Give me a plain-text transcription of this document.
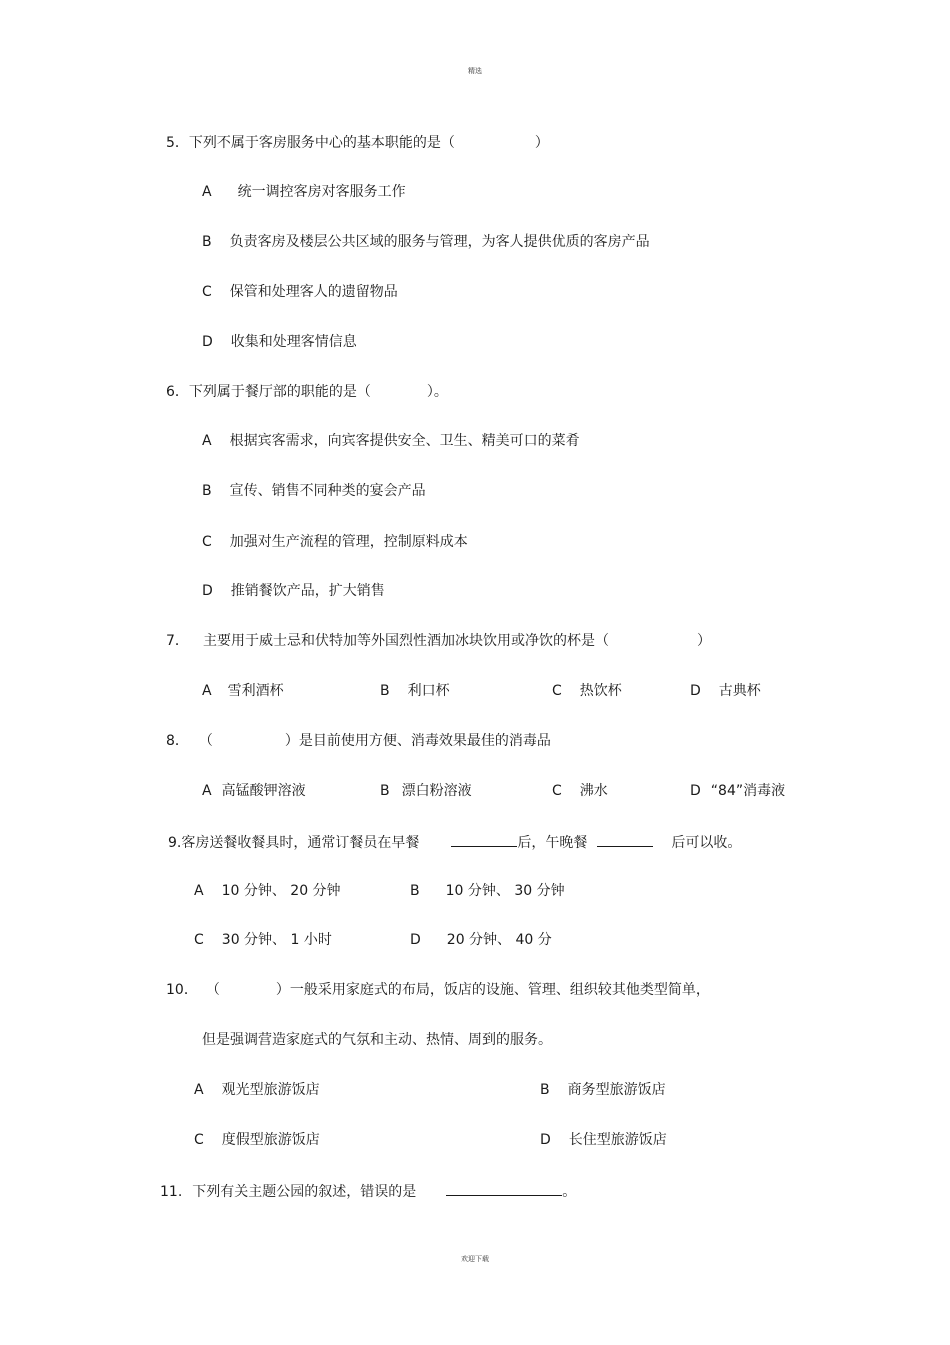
精选
5．下列不属于客房服务中心的基本职能的是（	）
A 统一调控客房对客服务工作
B 负责客房及楼层公共区域的服务与管理，为客人提供优质的客房产品
C 保管和处理客人的遗留物品
D 收集和处理客情信息
6．下列属于餐厅部的职能的是（	）。
A 根据宾客需求，向宾客提供安全、卫生、精美可口的菜肴
B 宣传、销售不同种类的宴会产品
C 加强对生产流程的管理，控制原料成本
D 推销餐饮产品，扩大销售
7． 主要用于威士忌和伏特加等外国烈性酒加冰块饮用或净饮的杯是（	）
A 雪利酒杯	B 利口杯	C 热饮杯	D 古典杯
8． （	）是目前使用方便、消毒效果最佳的消毒品
A 高锰酸钾溶液	B 漂白粉溶液	C 沸水	D “84”消毒液
9.客房送餐收餐具时，通常订餐员在早餐	后，午晚餐	后可以收。
A 10 分钟、 20 分钟	B 10 分钟、 30 分钟
C 30 分钟、 1 小时	D 20 分钟、 40 分
10． （	）一般采用家庭式的布局，饭店的设施、管理、组织较其他类型简单，
但是强调营造家庭式的气氛和主动、热情、周到的服务。
A 观光型旅游饭店	B 商务型旅游饭店
C 度假型旅游饭店	D 长住型旅游饭店
11. 下列有关主题公园的叙述，错误的是	。
欢迎下载
